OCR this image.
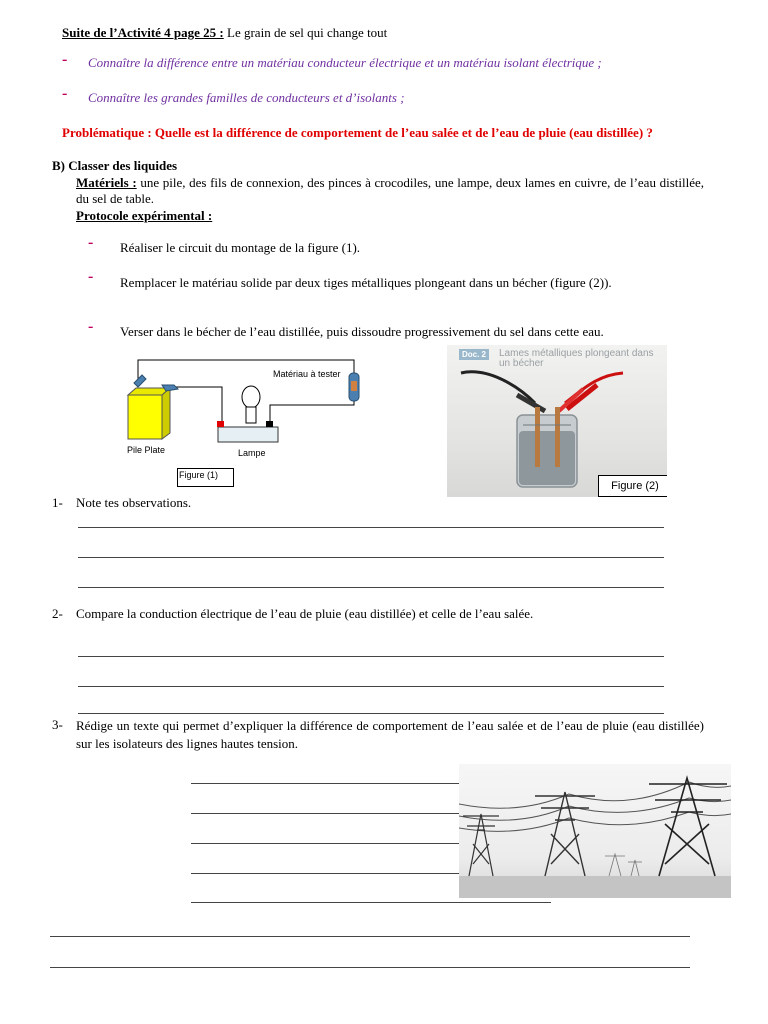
Suite de l’Activité 4 page 25 : Le grain de sel qui change tout
- Connaître la différence entre un matériau conducteur électrique et un matériau isolant électrique ;
- Connaître les grandes familles de conducteurs et d’isolants ;
Problématique : Quelle est la différence de comportement de l’eau salée et de l’eau de pluie (eau distillée) ?
B) Classer des liquides
Matériels : une pile, des fils de connexion, des pinces à crocodiles, une lampe, deux lames en cuivre, de l’eau distillée, du sel de table.
Protocole expérimental :
- Réaliser le circuit du montage de la figure (1).
-	Remplacer le matériau solide par deux tiges métalliques plongeant dans un bécher (figure (2)).
- Verser dans le bécher de l’eau distillée, puis dissoudre progressivement du sel dans cette eau.
Matériau à tester
Pile Plate	Lampe
Figure (1)
Doc. 2	Lames métalliques plongeant dans un bécher
Figure (2)
1- Note tes observations.
2- Compare la conduction électrique de l’eau de pluie (eau distillée) et celle de l’eau salée.
3- Rédige un texte qui permet d’expliquer la différence de comportement de l’eau salée et de l’eau de pluie (eau distillée) sur les isolateurs des lignes hautes tension.
